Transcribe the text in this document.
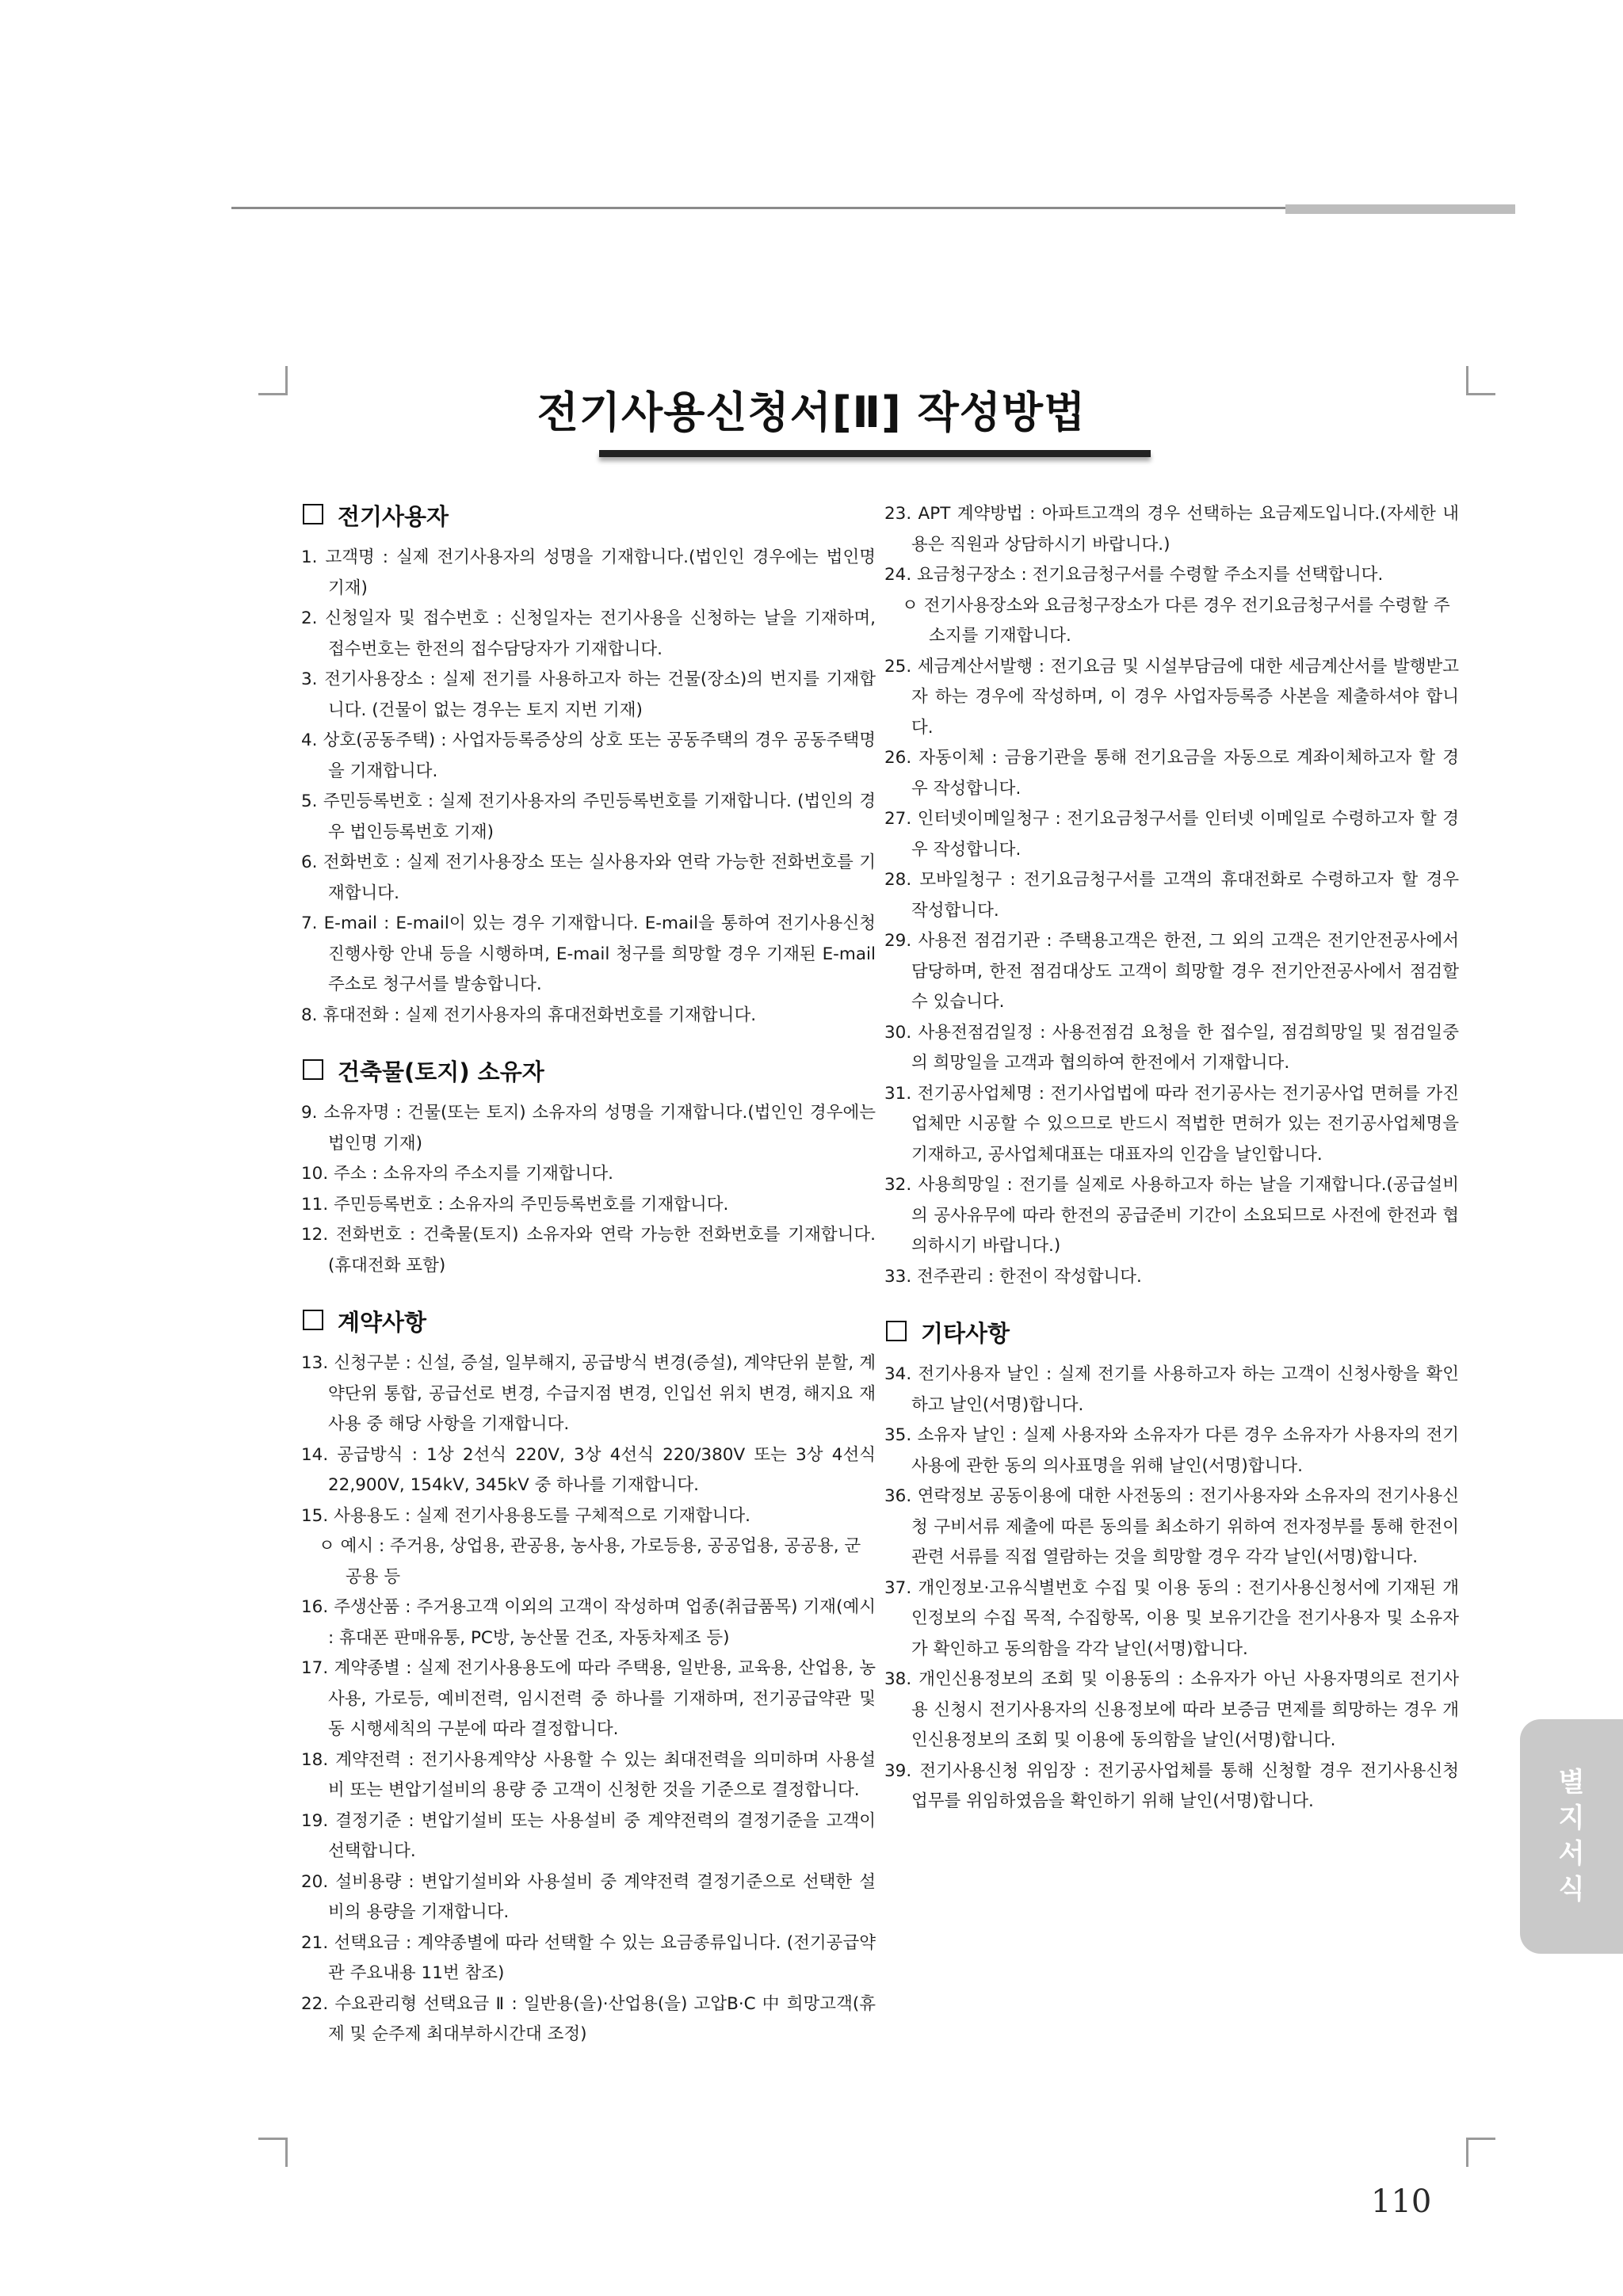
전기사용신청서[Ⅱ] 작성방법
전기사용자

1. 고객명 : 실제 전기사용자의 성명을 기재합니다.(법인인 경우에는 법인명 기재)

2. 신청일자 및 접수번호 : 신청일자는 전기사용을 신청하는 날을 기재하며, 접수번호는 한전의 접수담당자가 기재합니다.

3. 전기사용장소 : 실제 전기를 사용하고자 하는 건물(장소)의 번지를 기재합니다. (건물이 없는 경우는 토지 지번 기재)

4. 상호(공동주택) : 사업자등록증상의 상호 또는 공동주택의 경우 공동주택명을 기재합니다.

5. 주민등록번호 : 실제 전기사용자의 주민등록번호를 기재합니다. (법인의 경우 법인등록번호 기재)

6. 전화번호 : 실제 전기사용장소 또는 실사용자와 연락 가능한 전화번호를 기재합니다.

7. E-mail : E-mail이 있는 경우 기재합니다. E-mail을 통하여 전기사용신청 진행사항 안내 등을 시행하며, E-mail 청구를 희망할 경우 기재된 E-mail 주소로 청구서를 발송합니다.

8. 휴대전화 : 실제 전기사용자의 휴대전화번호를 기재합니다.

건축물(토지) 소유자

9. 소유자명 : 건물(또는 토지) 소유자의 성명을 기재합니다.(법인인 경우에는 법인명 기재)

10. 주소 : 소유자의 주소지를 기재합니다.

11. 주민등록번호 : 소유자의 주민등록번호를 기재합니다.

12. 전화번호 : 건축물(토지) 소유자와 연락 가능한 전화번호를 기재합니다.(휴대전화 포함)

계약사항

13. 신청구분 : 신설, 증설, 일부해지, 공급방식 변경(증설), 계약단위 분할, 계약단위 통합, 공급선로 변경, 수급지점 변경, 인입선 위치 변경, 해지요 재사용 중 해당 사항을 기재합니다.

14. 공급방식 : 1상 2선식 220V, 3상 4선식 220/380V 또는 3상 4선식 22,900V, 154kV, 345kV 중 하나를 기재합니다.

15. 사용용도 : 실제 전기사용용도를 구체적으로 기재합니다.

ㅇ 예시 : 주거용, 상업용, 관공용, 농사용, 가로등용, 공공업용, 공공용, 군공용 등

16. 주생산품 : 주거용고객 이외의 고객이 작성하며 업종(취급품목) 기재(예시 : 휴대폰 판매유통, PC방, 농산물 건조, 자동차제조 등)

17. 계약종별 : 실제 전기사용용도에 따라 주택용, 일반용, 교육용, 산업용, 농사용, 가로등, 예비전력, 임시전력 중 하나를 기재하며, 전기공급약관 및 동 시행세칙의 구분에 따라 결정합니다.

18. 계약전력 : 전기사용계약상 사용할 수 있는 최대전력을 의미하며 사용설비 또는 변압기설비의 용량 중 고객이 신청한 것을 기준으로 결정합니다.

19. 결정기준 : 변압기설비 또는 사용설비 중 계약전력의 결정기준을 고객이 선택합니다.

20. 설비용량 : 변압기설비와 사용설비 중 계약전력 결정기준으로 선택한 설비의 용량을 기재합니다.

21. 선택요금 : 계약종별에 따라 선택할 수 있는 요금종류입니다. (전기공급약관 주요내용 11번 참조)

22. 수요관리형 선택요금 Ⅱ : 일반용(을)·산업용(을) 고압B·C 中 희망고객(휴제 및 순주제 최대부하시간대 조정)

23. APT 계약방법 : 아파트고객의 경우 선택하는 요금제도입니다.(자세한 내용은 직원과 상담하시기 바랍니다.)

24. 요금청구장소 : 전기요금청구서를 수령할 주소지를 선택합니다.

ㅇ 전기사용장소와 요금청구장소가 다른 경우 전기요금청구서를 수령할 주소지를 기재합니다.

25. 세금계산서발행 : 전기요금 및 시설부담금에 대한 세금계산서를 발행받고자 하는 경우에 작성하며, 이 경우 사업자등록증 사본을 제출하셔야 합니다.

26. 자동이체 : 금융기관을 통해 전기요금을 자동으로 계좌이체하고자 할 경우 작성합니다.

27. 인터넷이메일청구 : 전기요금청구서를 인터넷 이메일로 수령하고자 할 경우 작성합니다.

28. 모바일청구 : 전기요금청구서를 고객의 휴대전화로 수령하고자 할 경우 작성합니다.

29. 사용전 점검기관 : 주택용고객은 한전, 그 외의 고객은 전기안전공사에서 담당하며, 한전 점검대상도 고객이 희망할 경우 전기안전공사에서 점검할 수 있습니다.

30. 사용전점검일정 : 사용전점검 요청을 한 접수일, 점검희망일 및 점검일중의 희망일을 고객과 협의하여 한전에서 기재합니다.

31. 전기공사업체명 : 전기사업법에 따라 전기공사는 전기공사업 면허를 가진 업체만 시공할 수 있으므로 반드시 적법한 면허가 있는 전기공사업체명을 기재하고, 공사업체대표는 대표자의 인감을 날인합니다.

32. 사용희망일 : 전기를 실제로 사용하고자 하는 날을 기재합니다.(공급설비의 공사유무에 따라 한전의 공급준비 기간이 소요되므로 사전에 한전과 협의하시기 바랍니다.)

33. 전주관리 : 한전이 작성합니다.

기타사항

34. 전기사용자 날인 : 실제 전기를 사용하고자 하는 고객이 신청사항을 확인하고 날인(서명)합니다.

35. 소유자 날인 : 실제 사용자와 소유자가 다른 경우 소유자가 사용자의 전기사용에 관한 동의 의사표명을 위해 날인(서명)합니다.

36. 연락정보 공동이용에 대한 사전동의 : 전기사용자와 소유자의 전기사용신청 구비서류 제출에 따른 동의를 최소하기 위하여 전자정부를 통해 한전이 관련 서류를 직접 열람하는 것을 희망할 경우 각각 날인(서명)합니다.

37. 개인정보·고유식별번호 수집 및 이용 동의 : 전기사용신청서에 기재된 개인정보의 수집 목적, 수집항목, 이용 및 보유기간을 전기사용자 및 소유자가 확인하고 동의함을 각각 날인(서명)합니다.

38. 개인신용정보의 조회 및 이용동의 : 소유자가 아닌 사용자명의로 전기사용 신청시 전기사용자의 신용정보에 따라 보증금 면제를 희망하는 경우 개인신용정보의 조회 및 이용에 동의함을 날인(서명)합니다.

39. 전기사용신청 위임장 : 전기공사업체를 통해 신청할 경우 전기사용신청 업무를 위임하였음을 확인하기 위해 날인(서명)합니다.

별
지
서
식
110
